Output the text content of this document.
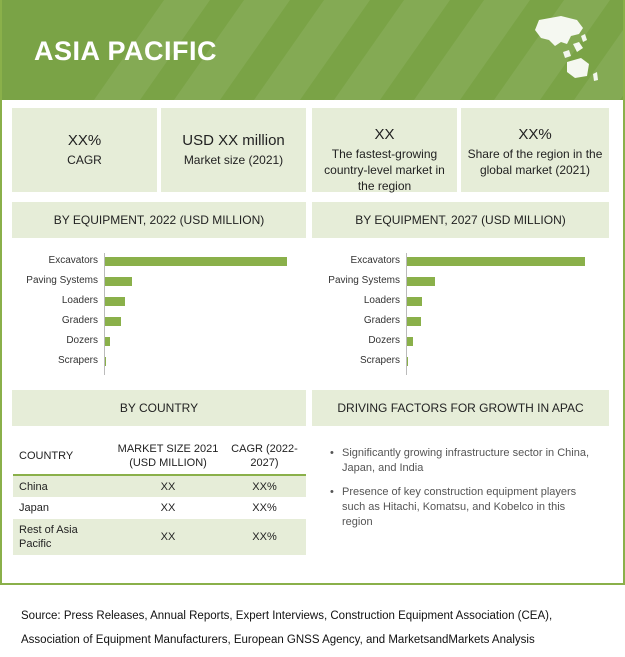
ASIA PACIFIC
XX%
CAGR
USD XX million
Market size (2021)
XX
The fastest-growing country-level market in the region
XX%
Share of the region in the global market (2021)
BY EQUIPMENT, 2022 (USD MILLION)	BY EQUIPMENT, 2027 (USD MILLION)
Excavators
Paving Systems
Loaders
Graders
Dozers
Scrapers
Excavators
Paving Systems
Loaders
Graders
Dozers
Scrapers
BY COUNTRY	DRIVING FACTORS FOR GROWTH IN APAC
COUNTRY	MARKET SIZE 2021 (USD MILLION)	CAGR (2022-2027)
China	XX	XX%
Japan	XX	XX%
Rest of Asia Pacific	XX	XX%
• Significantly growing infrastructure sector in China, Japan, and India
• Presence of key construction equipment players such as Hitachi, Komatsu, and Kobelco in this region
Source: Press Releases, Annual Reports, Expert Interviews, Construction Equipment Association (CEA),
Association of Equipment Manufacturers, European GNSS Agency, and MarketsandMarkets Analysis
